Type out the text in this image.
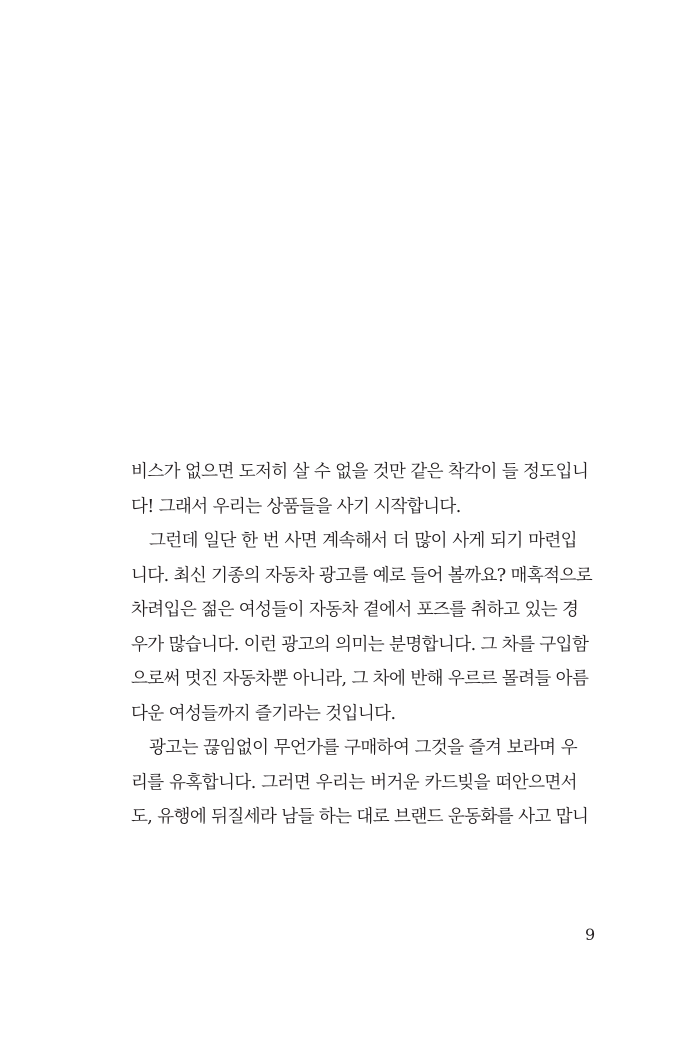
비스가 없으면 도저히 살 수 없을 것만 같은 착각이 들 정도입니
다! 그래서 우리는 상품들을 사기 시작합니다.
그런데 일단 한 번 사면 계속해서 더 많이 사게 되기 마련입
니다. 최신 기종의 자동차 광고를 예로 들어 볼까요? 매혹적으로
차려입은 젊은 여성들이 자동차 곁에서 포즈를 취하고 있는 경
우가 많습니다. 이런 광고의 의미는 분명합니다. 그 차를 구입함
으로써 멋진 자동차뿐 아니라, 그 차에 반해 우르르 몰려들 아름
다운 여성들까지 즐기라는 것입니다.
광고는 끊임없이 무언가를 구매하여 그것을 즐겨 보라며 우
리를 유혹합니다. 그러면 우리는 버거운 카드빚을 떠안으면서
도, 유행에 뒤질세라 남들 하는 대로 브랜드 운동화를 사고 맙니
9
